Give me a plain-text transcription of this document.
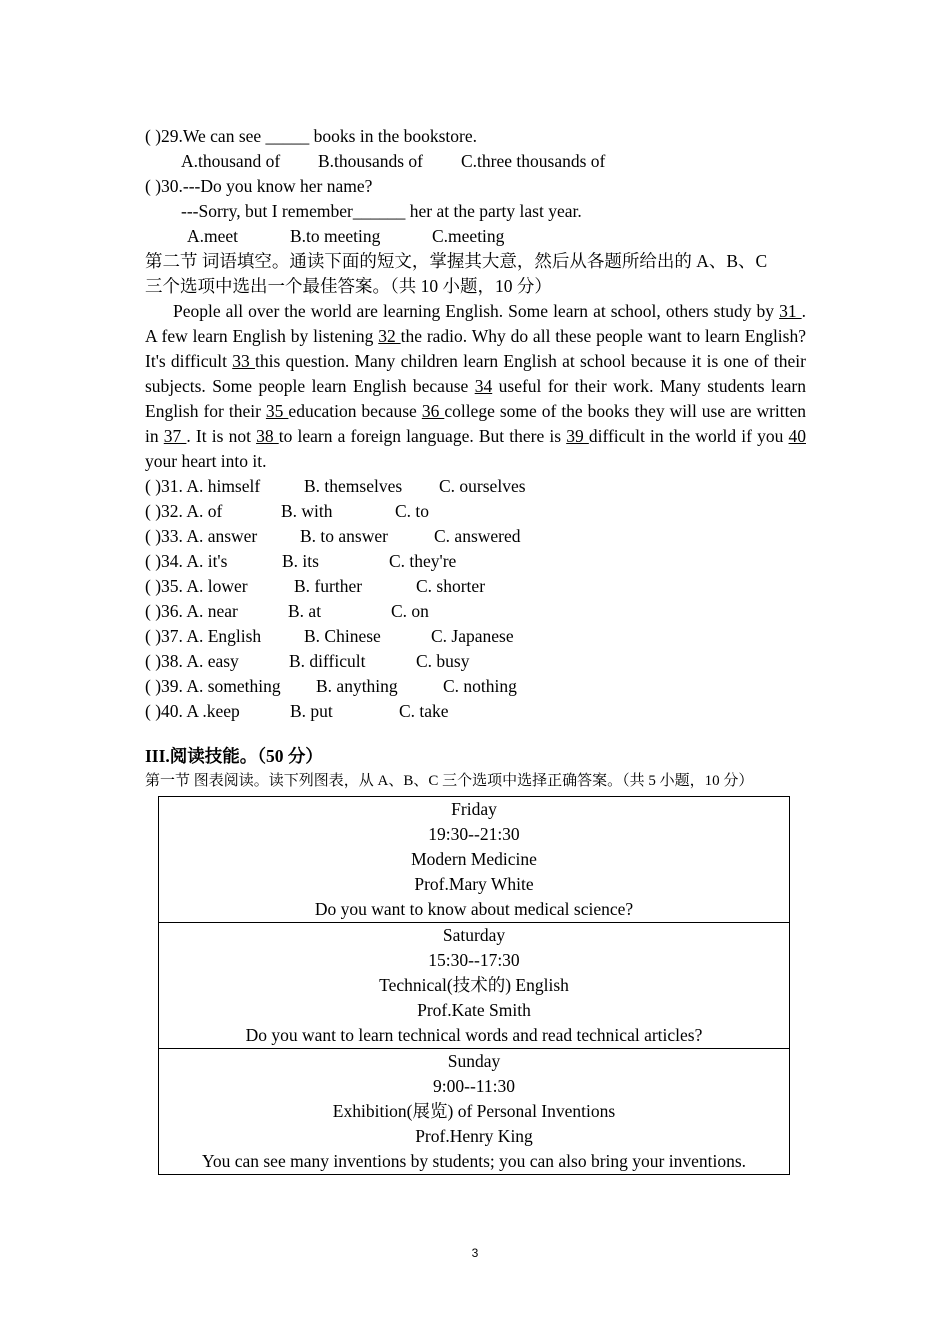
( )29.We can see _____ books in the bookstore.
A.thousand of B.thousands of C.three thousands of
( )30.---Do you know her name?
---Sorry, but I remember______ her at the party last year.
A.meet	B.to meeting	C.meeting
第二节 词语填空。通读下面的短文，掌握其大意，然后从各题所给出的 A、B、C
三个选项中选出一个最佳答案。（共 10 小题，10 分）

People all over the world are learning English. Some learn at school, others study by 31 . A few learn English by listening 32 the radio. Why do all these people want to learn English? It's difficult 33 this question. Many children learn English at school because it is one of their subjects. Some people learn English because 34 useful for their work. Many students learn English for their 35 education because 36 college some of the books they will use are written in 37 . It is not 38 to learn a foreign language. But there is 39 difficult in the world if you 40 your heart into it.

( )31. A. himself	B. themselves C. ourselves
( )32. A. of	B. with	C. to
( )33. A. answer B. to answer	C. answered
( )34. A. it's	B. its	C. they're
( )35. A. lower	B. further	C. shorter
( )36. A. near	B. at	C. on
( )37. A. English B. Chinese	C. Japanese
( )38. A. easy	B. difficult	C. busy
( )39. A. something B. anything	C. nothing
( )40. A .keep	B. put	C. take
III.阅读技能。（50 分）
第一节 图表阅读。读下列图表，从 A、B、C 三个选项中选择正确答案。（共 5 小题，10 分）
Friday
19:30--21:30
Modern Medicine
Prof.Mary White
Do you want to know about medical science?

Saturday
15:30--17:30
Technical(技术的) English
Prof.Kate Smith
Do you want to learn technical words and read technical articles?

Sunday
9:00--11:30
Exhibition(展览) of Personal Inventions
Prof.Henry King
You can see many inventions by students; you can also bring your inventions.
3
